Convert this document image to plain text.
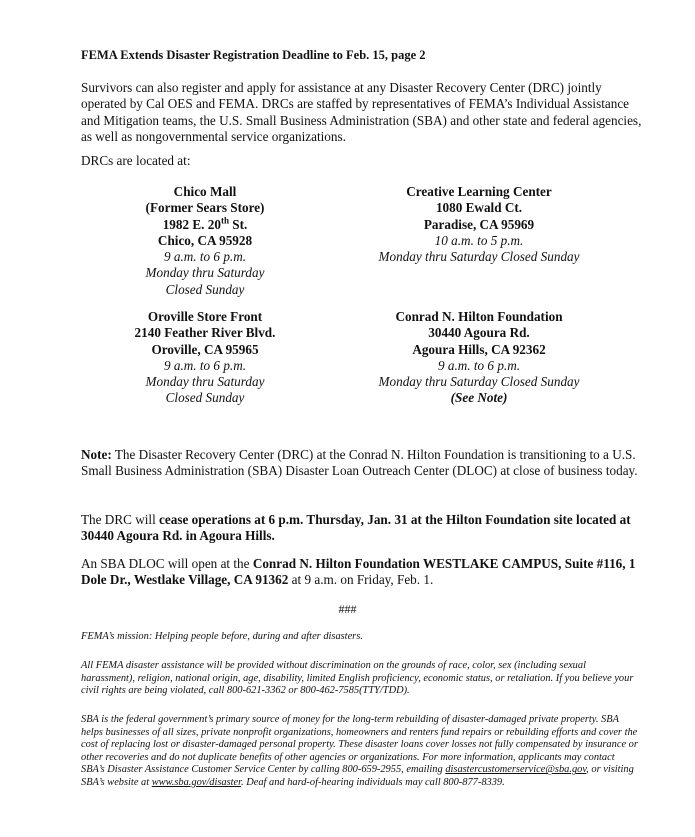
FEMA Extends Disaster Registration Deadline to Feb. 15, page 2
Survivors can also register and apply for assistance at any Disaster Recovery Center (DRC) jointly operated by Cal OES and FEMA. DRCs are staffed by representatives of FEMA’s Individual Assistance and Mitigation teams, the U.S. Small Business Administration (SBA) and other state and federal agencies, as well as nongovernmental service organizations.
DRCs are located at:
Chico Mall
(Former Sears Store)
1982 E. 20th St.
Chico, CA 95928
9 a.m. to 6 p.m.
Monday thru Saturday
Closed Sunday
Creative Learning Center
1080 Ewald Ct.
Paradise, CA 95969
10 a.m. to 5 p.m.
Monday thru Saturday Closed Sunday
Oroville Store Front
2140 Feather River Blvd.
Oroville, CA 95965
9 a.m. to 6 p.m.
Monday thru Saturday
Closed Sunday
Conrad N. Hilton Foundation
30440 Agoura Rd.
Agoura Hills, CA 92362
9 a.m. to 6 p.m.
Monday thru Saturday Closed Sunday
(See Note)
Note: The Disaster Recovery Center (DRC) at the Conrad N. Hilton Foundation is transitioning to a U.S. Small Business Administration (SBA) Disaster Loan Outreach Center (DLOC) at close of business today.
The DRC will cease operations at 6 p.m. Thursday, Jan. 31 at the Hilton Foundation site located at 30440 Agoura Rd. in Agoura Hills.
An SBA DLOC will open at the Conrad N. Hilton Foundation WESTLAKE CAMPUS, Suite #116, 1 Dole Dr., Westlake Village, CA 91362 at 9 a.m. on Friday, Feb. 1.
###
FEMA’s mission: Helping people before, during and after disasters.
All FEMA disaster assistance will be provided without discrimination on the grounds of race, color, sex (including sexual harassment), religion, national origin, age, disability, limited English proficiency, economic status, or retaliation. If you believe your civil rights are being violated, call 800-621-3362 or 800-462-7585(TTY/TDD).
SBA is the federal government’s primary source of money for the long-term rebuilding of disaster-damaged private property. SBA helps businesses of all sizes, private nonprofit organizations, homeowners and renters fund repairs or rebuilding efforts and cover the cost of replacing lost or disaster-damaged personal property. These disaster loans cover losses not fully compensated by insurance or other recoveries and do not duplicate benefits of other agencies or organizations. For more information, applicants may contact SBA’s Disaster Assistance Customer Service Center by calling 800-659-2955, emailing disastercustomerservice@sba.gov, or visiting SBA’s website at www.sba.gov/disaster. Deaf and hard-of-hearing individuals may call 800-877-8339.
